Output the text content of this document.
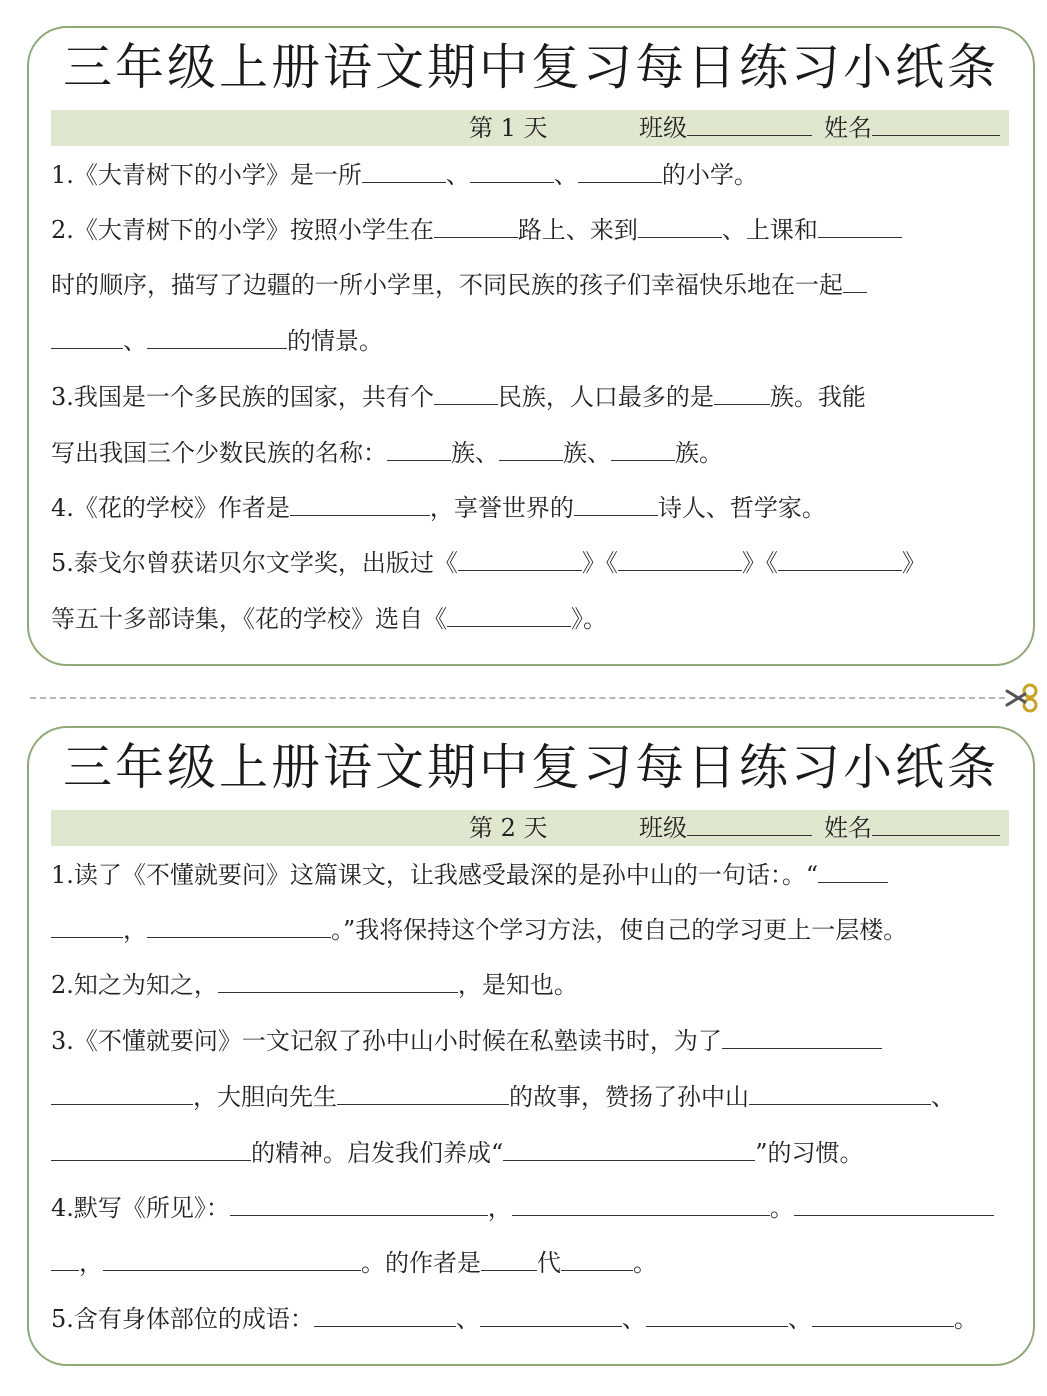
三年级上册语文期中复习每日练习小纸条
第 1 天	班级	姓名
1.《大青树下的小学》是一所	、	、	的小学。
2.《大青树下的小学》按照小学生在	路上、来到	、上课和
时的顺序，描写了边疆的一所小学里，不同民族的孩子们幸福快乐地在一起
、	的情景。
3.我国是一个多民族的国家，共有个	民族，人口最多的是 族。我能
写出我国三个少数民族的名称：	族、	族、	族。
4.《花的学校》作者是	，享誉世界的	诗人、哲学家。
5.泰戈尔曾获诺贝尔文学奖，出版过《	》《	》《	》
等五十多部诗集，《花的学校》选自《	》。
三年级上册语文期中复习每日练习小纸条
第 2 天	班级	姓名
1.读了《不懂就要问》这篇课文，让我感受最深的是孙中山的一句话：。“
，	。”我将保持这个学习方法，使自己的学习更上一层楼。
2.知之为知之，	，是知也。
3.《不懂就要问》一文记叙了孙中山小时候在私塾读书时，为了
，大胆向先生	的故事，赞扬了孙中山	、
的精神。启发我们养成“	”的习惯。
4.默写《所见》：	，	。
，	。的作者是 代	。
5.含有身体部位的成语：	、	、	、	。
